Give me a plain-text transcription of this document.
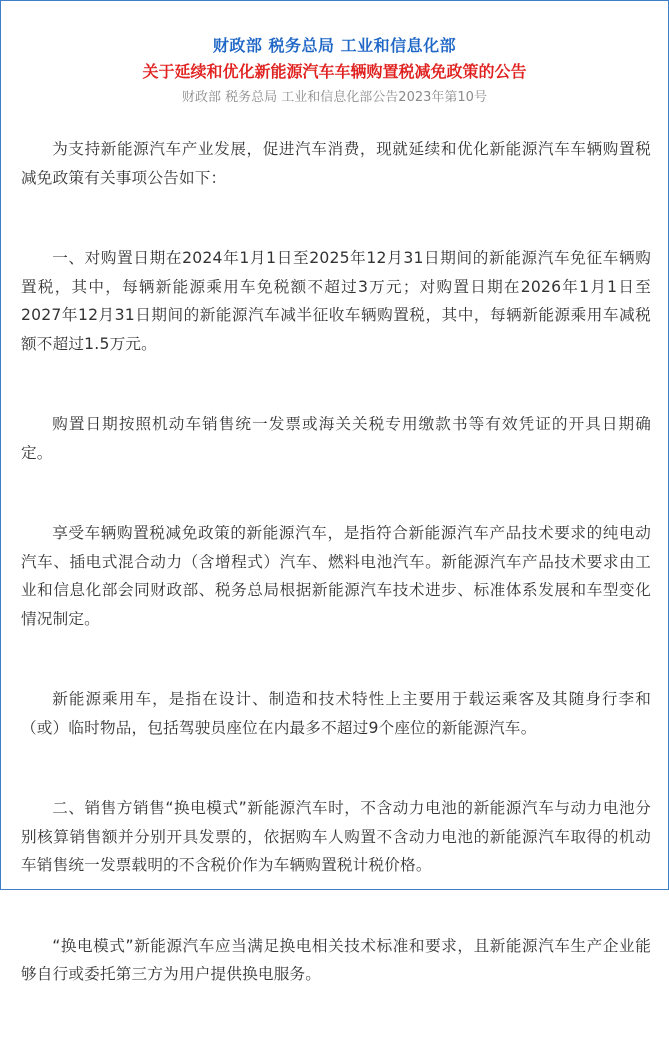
财政部 税务总局 工业和信息化部
关于延续和优化新能源汽车车辆购置税减免政策的公告
财政部 税务总局 工业和信息化部公告2023年第10号

为支持新能源汽车产业发展，促进汽车消费，现就延续和优化新能源汽车车辆购置税减免政策有关事项公告如下：

一、对购置日期在2024年1月1日至2025年12月31日期间的新能源汽车免征车辆购置税，其中，每辆新能源乘用车免税额不超过3万元；对购置日期在2026年1月1日至2027年12月31日期间的新能源汽车减半征收车辆购置税，其中，每辆新能源乘用车减税额不超过1.5万元。

购置日期按照机动车销售统一发票或海关关税专用缴款书等有效凭证的开具日期确定。

享受车辆购置税减免政策的新能源汽车，是指符合新能源汽车产品技术要求的纯电动汽车、插电式混合动力（含增程式）汽车、燃料电池汽车。新能源汽车产品技术要求由工业和信息化部会同财政部、税务总局根据新能源汽车技术进步、标准体系发展和车型变化情况制定。

新能源乘用车，是指在设计、制造和技术特性上主要用于载运乘客及其随身行李和（或）临时物品，包括驾驶员座位在内最多不超过9个座位的新能源汽车。

二、销售方销售“换电模式”新能源汽车时，不含动力电池的新能源汽车与动力电池分别核算销售额并分别开具发票的，依据购车人购置不含动力电池的新能源汽车取得的机动车销售统一发票载明的不含税价作为车辆购置税计税价格。

“换电模式”新能源汽车应当满足换电相关技术标准和要求，且新能源汽车生产企业能够自行或委托第三方为用户提供换电服务。
